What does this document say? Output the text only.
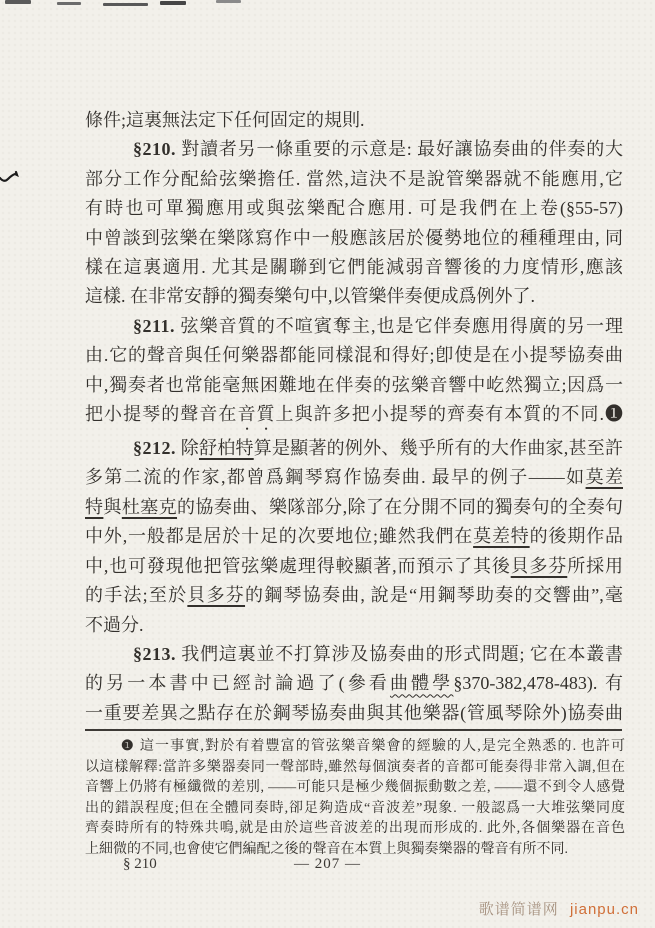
條件;這裏無法定下任何固定的規則.
§210. 對讀者另一條重要的示意是: 最好讓協奏曲的伴奏的大
部分工作分配給弦樂擔任. 當然,這決不是說管樂器就不能應用,它
有時也可單獨應用或與弦樂配合應用. 可是我們在上卷(§55-57)
中曾談到弦樂在樂隊寫作中一般應該居於優勢地位的種種理由, 同
樣在這裏適用. 尤其是關聯到它們能減弱音響後的力度情形,應該
這樣. 在非常安靜的獨奏樂句中,以管樂伴奏便成爲例外了.
§211. 弦樂音質的不喧賓奪主,也是它伴奏應用得廣的另一理
由.它的聲音與任何樂器都能同樣混和得好;卽使是在小提琴協奏曲
中,獨奏者也常能毫無困難地在伴奏的弦樂音響中屹然獨立;因爲一
把小提琴的聲音在音質上與許多把小提琴的齊奏有本質的不同.❶
§212. 除舒柏特算是顯著的例外、幾乎所有的大作曲家,甚至許
多第二流的作家,都曾爲鋼琴寫作協奏曲. 最早的例子——如莫差
特與杜塞克的協奏曲、樂隊部分,除了在分開不同的獨奏句的全奏句
中外,一般都是居於十足的次要地位;雖然我們在莫差特的後期作品
中,也可發現他把管弦樂處理得較顯著,而預示了其後貝多芬所採用
的手法;至於貝多芬的鋼琴協奏曲, 說是“用鋼琴助奏的交響曲”,毫
不過分.
§213. 我們這裏並不打算涉及協奏曲的形式問題; 它在本叢書
的另一本書中已經討論過了(參看曲體學§370-382,478-483). 有
一重要差異之點存在於鋼琴協奏曲與其他樂器(管風琴除外)協奏曲
❶ 這一事實,對於有着豐富的管弦樂音樂會的經驗的人,是完全熟悉的. 也許可
以這樣解釋:當許多樂器奏同一聲部時,雖然每個演奏者的音都可能奏得非常入調,但在
音響上仍將有極纖微的差別, ——可能只是極少幾個振動數之差, ——還不到令人感覺
出的錯誤程度;但在全體同奏時,卻足夠造成“音波差”現象. 一般認爲一大堆弦樂同度
齊奏時所有的特殊共鳴,就是由於這些音波差的出現而形成的. 此外,各個樂器在音色
上細微的不同,也會使它們編配之後的聲音在本質上與獨奏樂器的聲音有所不同.
— 207 —
§ 210
歌谱简谱网 jianpu.cn
